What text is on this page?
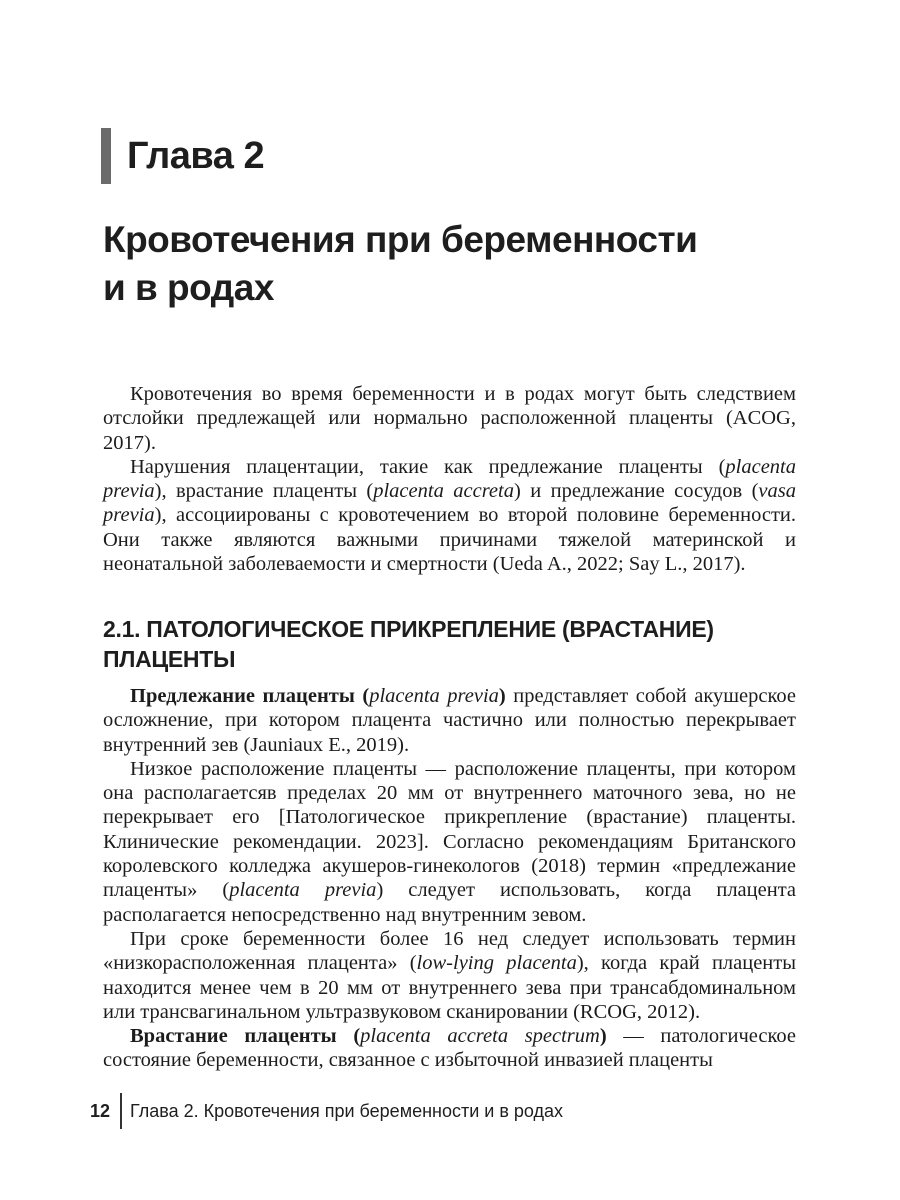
Глава 2
Кровотечения при беременности
и в родах

Кровотечения во время беременности и в родах могут быть следствием отслойки предлежащей или нормально расположенной плаценты (ACOG, 2017).

Нарушения плацентации, такие как предлежание плаценты (placenta previa), врастание плаценты (placenta accreta) и предлежание сосудов (vasa previa), ассоциированы с кровотечением во второй половине беременности. Они также являются важными причинами тяжелой материнской и неонатальной заболеваемости и смертности (Ueda A., 2022; Say L., 2017).

2.1. ПАТОЛОГИЧЕСКОЕ ПРИКРЕПЛЕНИЕ (ВРАСТАНИЕ)
ПЛАЦЕНТЫ

Предлежание плаценты (placenta previa) представляет собой акушерское осложнение, при котором плацента частично или полностью перекрывает внутренний зев (Jauniaux E., 2019).

Низкое расположение плаценты — расположение плаценты, при котором она располагаетсяв пределах 20 мм от внутреннего маточного зева, но не перекрывает его [Патологическое прикрепление (врастание) плаценты. Клинические рекомендации. 2023]. Согласно рекомендациям Британского королевского колледжа акушеров-гинекологов (2018) термин «предлежание плаценты» (placenta previa) следует использовать, когда плацента располагается непосредственно над внутренним зевом.

При сроке беременности более 16 нед следует использовать термин «низкорасположенная плацента» (low-lying placenta), когда край плаценты находится менее чем в 20 мм от внутреннего зева при трансабдоминальном или трансвагинальном ультразвуковом сканировании (RCOG, 2012).

Врастание плаценты (placenta accreta spectrum) — патологическое состояние беременности, связанное с избыточной инвазией плаценты

12 Глава 2. Кровотечения при беременности и в родах
